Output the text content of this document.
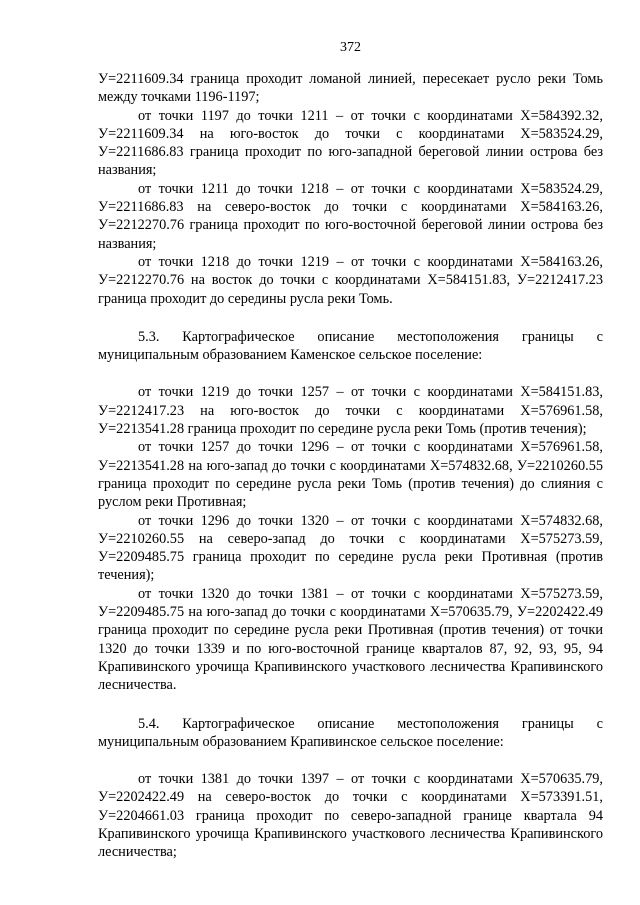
372

У=2211609.34 граница проходит ломаной линией, пересекает русло реки Томь между точками 1196-1197;

от точки 1197 до точки 1211 – от точки с координатами Х=584392.32, У=2211609.34 на юго-восток до точки с координатами Х=583524.29, У=2211686.83 граница проходит по юго-западной береговой линии острова без названия;

от точки 1211 до точки 1218 – от точки с координатами Х=583524.29, У=2211686.83 на северо-восток до точки с координатами Х=584163.26, У=2212270.76 граница проходит по юго-восточной береговой линии острова без названия;

от точки 1218 до точки 1219 – от точки с координатами Х=584163.26, У=2212270.76 на восток до точки с координатами Х=584151.83, У=2212417.23 граница проходит до середины русла реки Томь.

5.3. Картографическое описание местоположения границы с муниципальным образованием Каменское сельское поселение:

от точки 1219 до точки 1257 – от точки с координатами Х=584151.83, У=2212417.23 на юго-восток до точки с координатами Х=576961.58, У=2213541.28 граница проходит по середине русла реки Томь (против течения);

от точки 1257 до точки 1296 – от точки с координатами Х=576961.58, У=2213541.28 на юго-запад до точки с координатами Х=574832.68, У=2210260.55 граница проходит по середине русла реки Томь (против течения) до слияния с руслом реки Противная;

от точки 1296 до точки 1320 – от точки с координатами Х=574832.68, У=2210260.55 на северо-запад до точки с координатами Х=575273.59, У=2209485.75 граница проходит по середине русла реки Противная (против течения);

от точки 1320 до точки 1381 – от точки с координатами Х=575273.59, У=2209485.75 на юго-запад до точки с координатами Х=570635.79, У=2202422.49 граница проходит по середине русла реки Противная (против течения) от точки 1320 до точки 1339 и по юго-восточной границе кварталов 87, 92, 93, 95, 94 Крапивинского урочища Крапивинского участкового лесничества Крапивинского лесничества.

5.4. Картографическое описание местоположения границы с муниципальным образованием Крапивинское сельское поселение:

от точки 1381 до точки 1397 – от точки с координатами Х=570635.79, У=2202422.49 на северо-восток до точки с координатами Х=573391.51, У=2204661.03 граница проходит по северо-западной границе квартала 94 Крапивинского урочища Крапивинского участкового лесничества Крапивинского лесничества;
